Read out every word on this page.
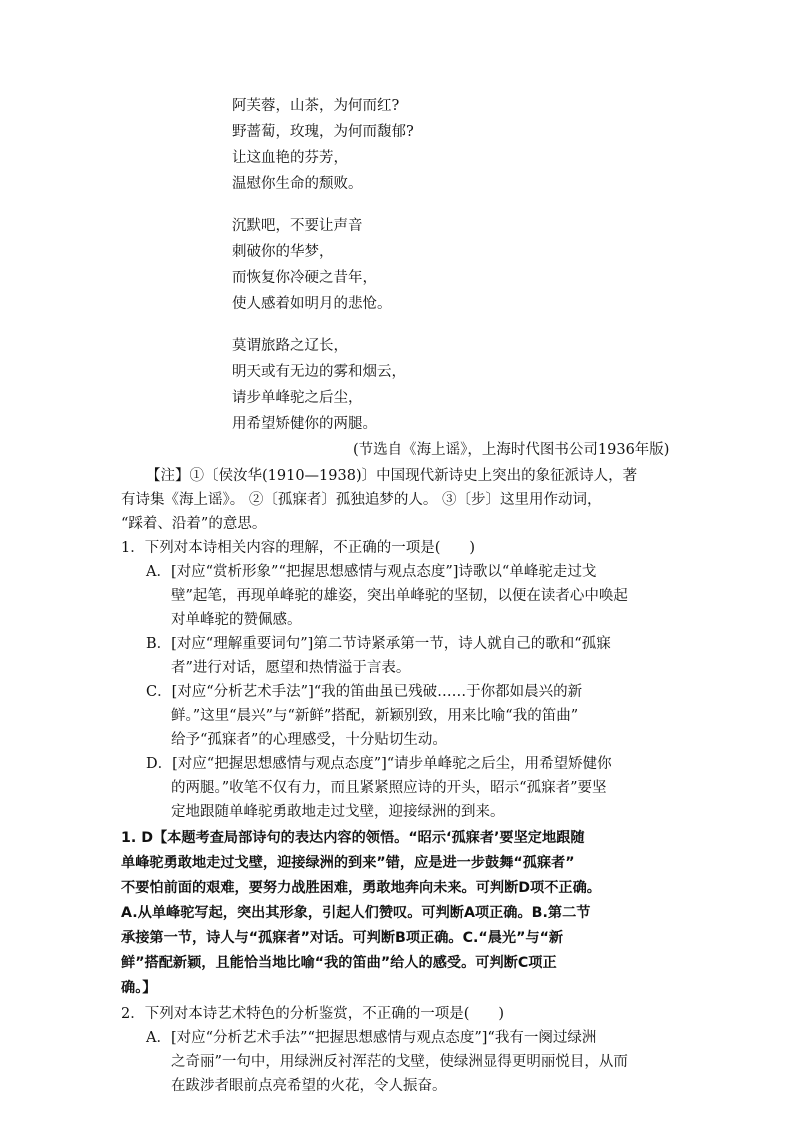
阿芙蓉，山茶，为何而红?
野蔷蔔，玫瑰，为何而馥郁?
让这血艳的芬芳，
温慰你生命的颓败。
沉默吧，不要让声音
刺破你的华梦，
而恢复你冷硬之昔年，
使人感着如明月的悲怆。
莫谓旅路之辽长，
明天或有无边的雾和烟云，
请步单峰驼之后尘，
用希望矫健你的两腿。
(节选自《海上谣》，上海时代图书公司1936年版)
【注】①〔侯汝华(1910—1938)〕中国现代新诗史上突出的象征派诗人，著
有诗集《海上谣》。 ②〔孤寐者〕孤独追梦的人。 ③〔步〕这里用作动词，
“踩着、沿着”的意思。
1．下列对本诗相关内容的理解，不正确的一项是(　　)
A．[对应“赏析形象”“把握思想感情与观点态度”]诗歌以“单峰驼走过戈
壁”起笔，再现单峰驼的雄姿，突出单峰驼的坚韧，以便在读者心中唤起
对单峰驼的赞佩感。
B．[对应“理解重要词句”]第二节诗紧承第一节，诗人就自己的歌和“孤寐
者”进行对话，愿望和热情溢于言表。
C．[对应“分析艺术手法”]“我的笛曲虽已残破……于你都如晨兴的新
鲜。”这里“晨兴”与“新鲜”搭配，新颖别致，用来比喻“我的笛曲”
给予“孤寐者”的心理感受，十分贴切生动。
D．[对应“把握思想感情与观点态度”]“请步单峰驼之后尘，用希望矫健你
的两腿。”收笔不仅有力，而且紧紧照应诗的开头，昭示“孤寐者”要坚
定地跟随单峰驼勇敢地走过戈壁，迎接绿洲的到来。
1. D【本题考查局部诗句的表达内容的领悟。“昭示‘孤寐者’要坚定地跟随
单峰驼勇敢地走过戈壁，迎接绿洲的到来”错，应是进一步鼓舞“孤寐者”
不要怕前面的艰难，要努力战胜困难，勇敢地奔向未来。可判断D项不正确。
A.从单峰驼写起，突出其形象，引起人们赞叹。可判断A项正确。B.第二节
承接第一节，诗人与“孤寐者”对话。可判断B项正确。C.“晨光”与“新
鲜”搭配新颖，且能恰当地比喻“我的笛曲”给人的感受。可判断C项正
确。】
2．下列对本诗艺术特色的分析鉴赏，不正确的一项是(　　)
A．[对应“分析艺术手法”“把握思想感情与观点态度”]“我有一阕过绿洲
之奇丽”一句中，用绿洲反衬浑茫的戈壁，使绿洲显得更明丽悦目，从而
在跋涉者眼前点亮希望的火花，令人振奋。
